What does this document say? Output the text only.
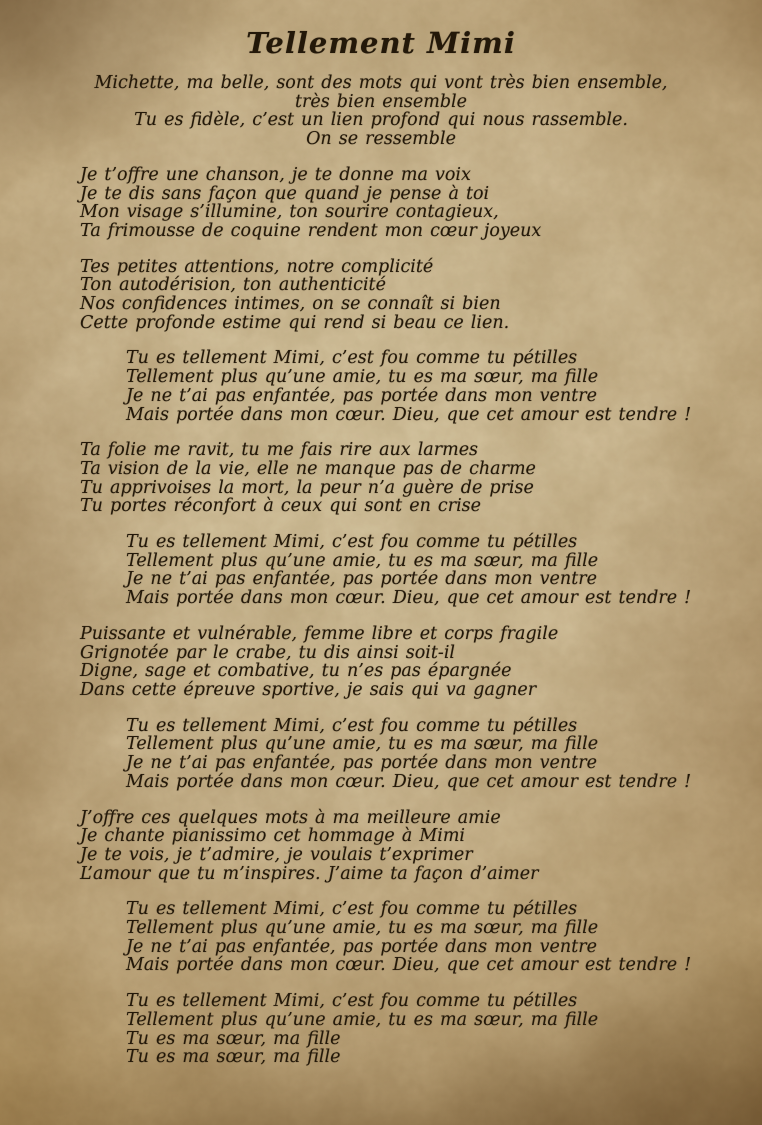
Tellement Mimi

Michette, ma belle, sont des mots qui vont très bien ensemble,

très bien ensemble

Tu es fidèle, c’est un lien profond qui nous rassemble.

On se ressemble

Je t’offre une chanson, je te donne ma voix

Je te dis sans façon que quand je pense à toi

Mon visage s’illumine, ton sourire contagieux,

Ta frimousse de coquine rendent mon cœur joyeux

Tes petites attentions, notre complicité

Ton autodérision, ton authenticité

Nos confidences intimes, on se connaît si bien

Cette profonde estime qui rend si beau ce lien.

Tu es tellement Mimi, c’est fou comme tu pétilles

Tellement plus qu’une amie, tu es ma sœur, ma fille

Je ne t’ai pas enfantée, pas portée dans mon ventre

Mais portée dans mon cœur. Dieu, que cet amour est tendre !

Ta folie me ravit, tu me fais rire aux larmes

Ta vision de la vie, elle ne manque pas de charme

Tu apprivoises la mort, la peur n’a guère de prise

Tu portes réconfort à ceux qui sont en crise

Tu es tellement Mimi, c’est fou comme tu pétilles

Tellement plus qu’une amie, tu es ma sœur, ma fille

Je ne t’ai pas enfantée, pas portée dans mon ventre

Mais portée dans mon cœur. Dieu, que cet amour est tendre !

Puissante et vulnérable, femme libre et corps fragile

Grignotée par le crabe, tu dis ainsi soit-il

Digne, sage et combative, tu n’es pas épargnée

Dans cette épreuve sportive, je sais qui va gagner

Tu es tellement Mimi, c’est fou comme tu pétilles

Tellement plus qu’une amie, tu es ma sœur, ma fille

Je ne t’ai pas enfantée, pas portée dans mon ventre

Mais portée dans mon cœur. Dieu, que cet amour est tendre !

J’offre ces quelques mots à ma meilleure amie

Je chante pianissimo cet hommage à Mimi

Je te vois, je t’admire, je voulais t’exprimer

L’amour que tu m’inspires. J’aime ta façon d’aimer

Tu es tellement Mimi, c’est fou comme tu pétilles

Tellement plus qu’une amie, tu es ma sœur, ma fille

Je ne t’ai pas enfantée, pas portée dans mon ventre

Mais portée dans mon cœur. Dieu, que cet amour est tendre !

Tu es tellement Mimi, c’est fou comme tu pétilles

Tellement plus qu’une amie, tu es ma sœur, ma fille

Tu es ma sœur, ma fille

Tu es ma sœur, ma fille
